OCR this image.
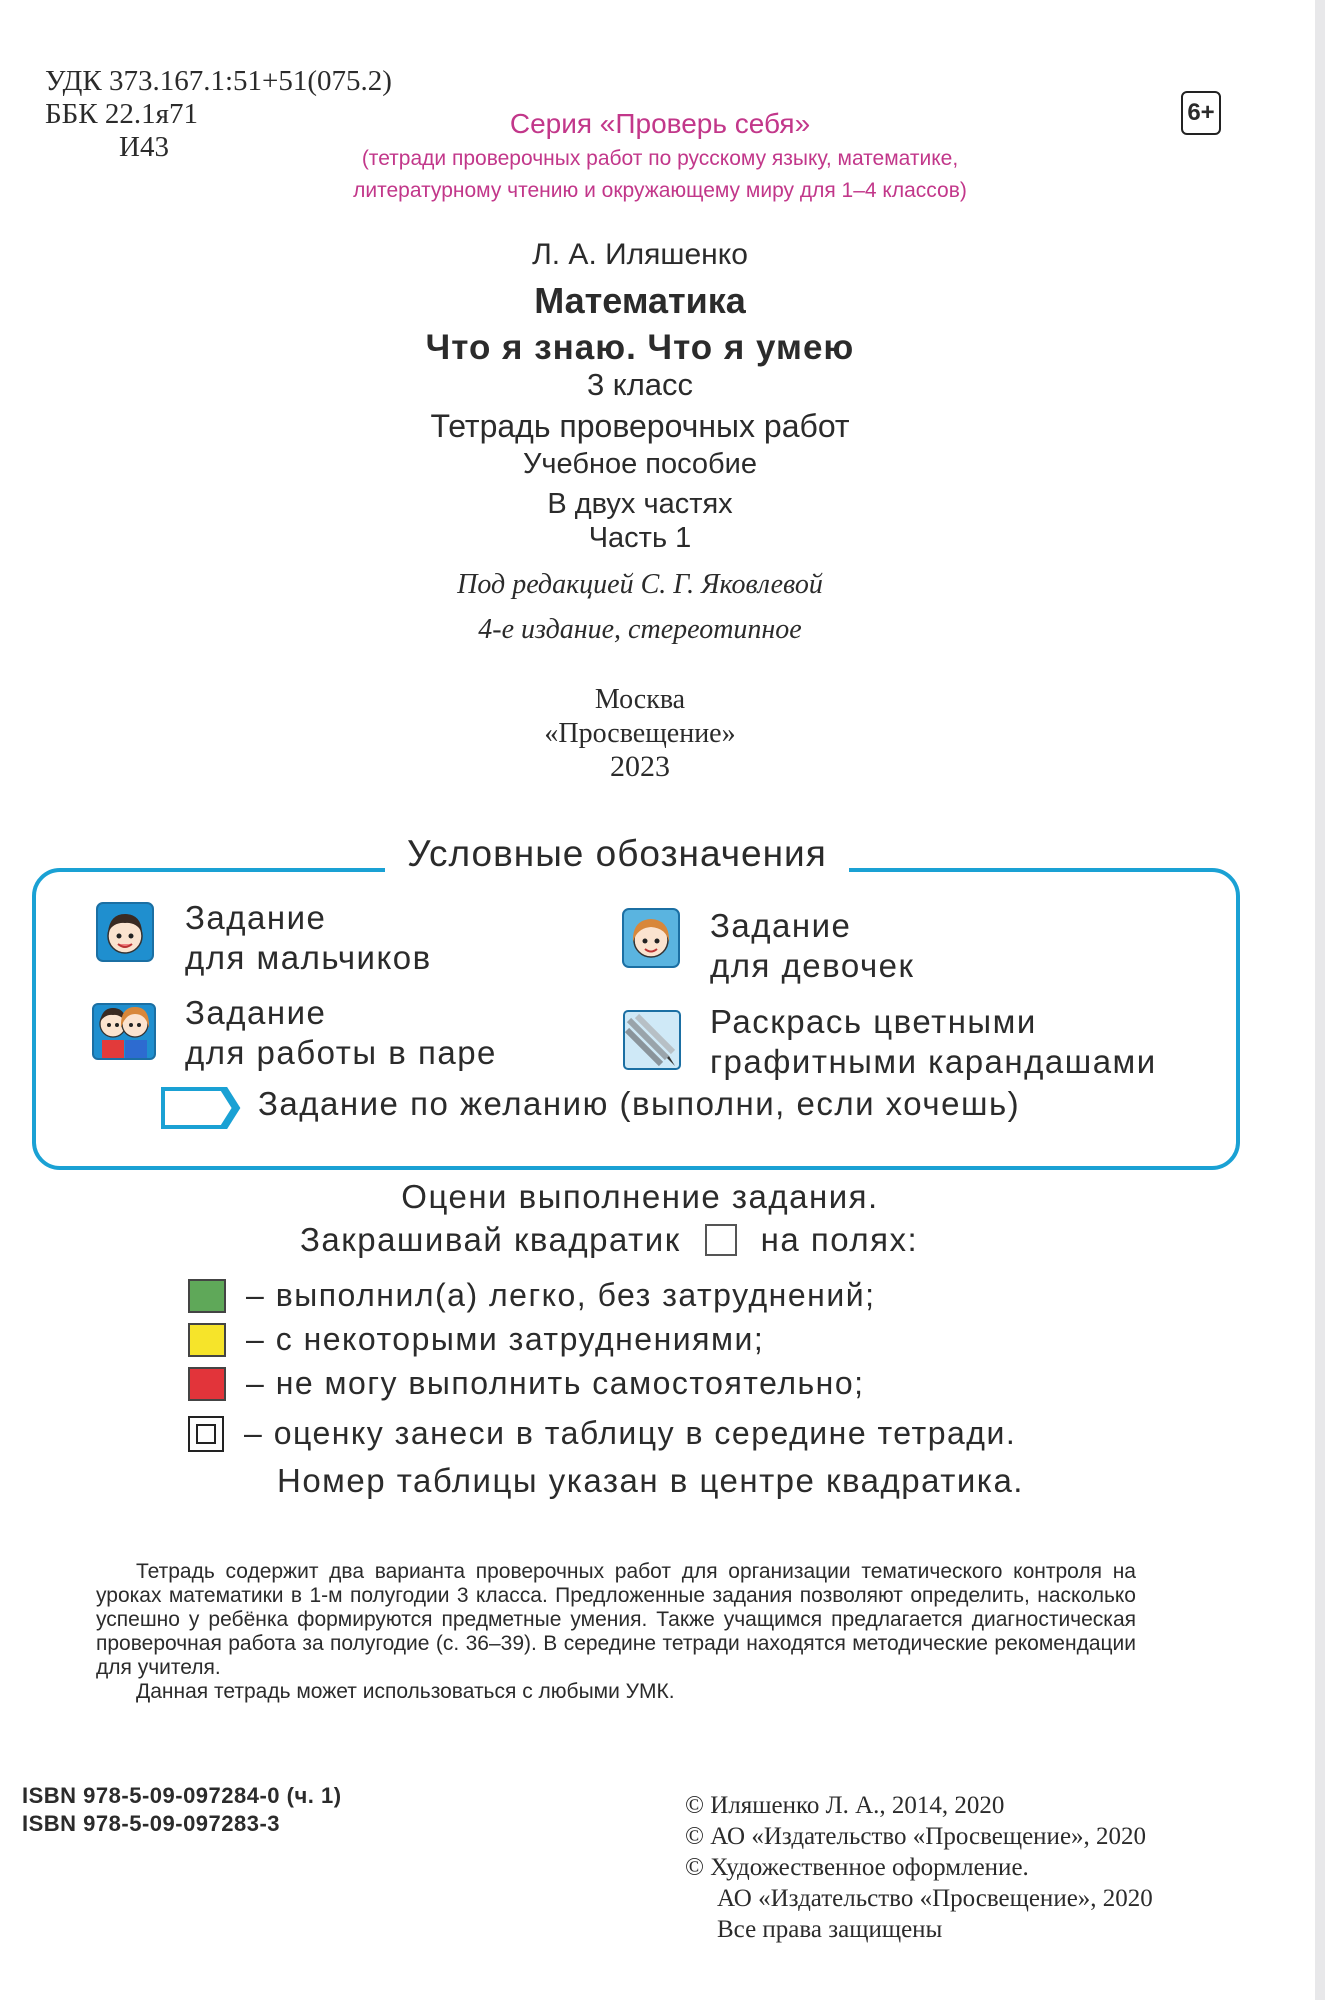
УДК 373.167.1:51+51(075.2)
ББК 22.1я71
И43
Серия «Проверь себя»
(тетради проверочных работ по русскому языку, математике,
литературному чтению и окружающему миру для 1–4 классов)
6+
Л. А. Иляшенко
Математика
Что я знаю. Что я умею
3 класс
Тетрадь проверочных работ
Учебное пособие
В двух частях
Часть 1
Под редакцией С. Г. Яковлевой
4-е издание, стереотипное
Москва
«Просвещение»
2023
Условные обозначения
Задание
для мальчиков
Задание
для девочек
Задание
для работы в паре
Раскрась цветными
графитными карандашами
Задание по желанию (выполни, если хочешь)
Оцени выполнение задания.
Закрашивай квадратик на полях:
– выполнил(а) легко, без затруднений;
– с некоторыми затруднениями;
– не могу выполнить самостоятельно;
– оценку занеси в таблицу в середине тетради.
Номер таблицы указан в центре квадратика.

Тетрадь содержит два варианта проверочных работ для организации тематического контроля на уроках математики в 1-м полугодии 3 класса. Предложенные задания позволяют определить, насколько успешно у ребёнка формируются предметные умения. Также учащимся предлагается диагностическая проверочная работа за полугодие (с. 36–39). В середине тетради находятся методические рекомендации для учителя.

Данная тетрадь может использоваться с любыми УМК.

ISBN 978-5-09-097284-0 (ч. 1)
ISBN 978-5-09-097283-3
© Иляшенко Л. А., 2014, 2020
© АО «Издательство «Просвещение», 2020
© Художественное оформление.
АО «Издательство «Просвещение», 2020
Все права защищены
